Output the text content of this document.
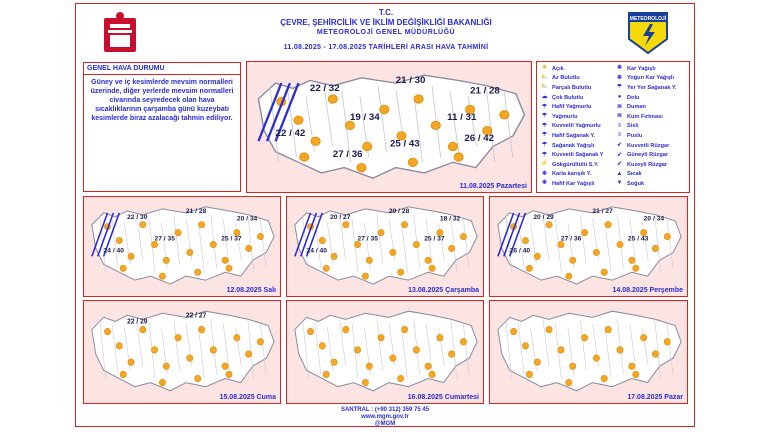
T.C.
ÇEVRE, ŞEHİRCİLİK VE İKLİM DEĞİŞİKLİĞİ BAKANLIĞI
METEOROLOJİ GENEL MÜDÜRLÜĞÜ
11.08.2025 - 17.08.2025 TARİHLERİ ARASI HAVA TAHMİNİ
METEOROLOJİ
GENEL HAVA DURUMU
Güney ve iç kesimlerde mevsim normalleri üzerinde, diğer yerlerde mevsim normalleri civarında seyredecek olan hava sıcaklıklarının çarşamba günü kuzeybatı kesimlerde biraz azalacağı tahmin ediliyor.
22 / 32
21 / 30
21 / 28
19 / 34	11 / 31
22 / 42
27 / 36
25 / 43
26 / 42
11.08.2025 Pazartesi
☀ Açık
⛅ Az Bulutlu
⛅ Parçalı Bulutlu
☁ Çok Bulutlu
☂ Hafif Yağmurlu
☂ Yağmurlu
☂ Kuvvetli Yağmurlu
☂ Hafif Sağanak Y.
☂ Sağanak Yağışlı
☂ Kuvvetli Sağanak Y
⚡ Gökgürültülü S.Y.
❄ Karla karışık Y.
❄ Hafif Kar Yağışlı
❄ Kar Yağışlı
❄ Yoğun Kar Yağışlı
☂ Yer Yer Sağanak Y.
●	Dolu
≋ Duman
≋ Kum Fırtınası
≡	Sisli
≡	Puslu
➶ Kuvvetli Rüzgar
➶ Güneyli Rüzgar
➶ Kuzeyli Rüzgar
▲ Sıcak
▼ Soğuk
22 / 30
21 / 28
20 / 34
27 / 35	25 / 37
24 / 40
12.08.2025 Salı
20 / 27
20 / 28
18 / 32
27 / 35	25 / 37
24 / 40
13.08.2025 Çarşamba
20 / 29
21 / 27
20 / 34
27 / 36	25 / 43
26 / 40
14.08.2025 Perşembe
22 / 29
22 / 27
15.08.2025 Cuma	16.08.2025 Cumartesi	17.08.2025 Pazar
SANTRAL : (+90 312) 359 75 45
www.mgm.gov.tr
@MGM
